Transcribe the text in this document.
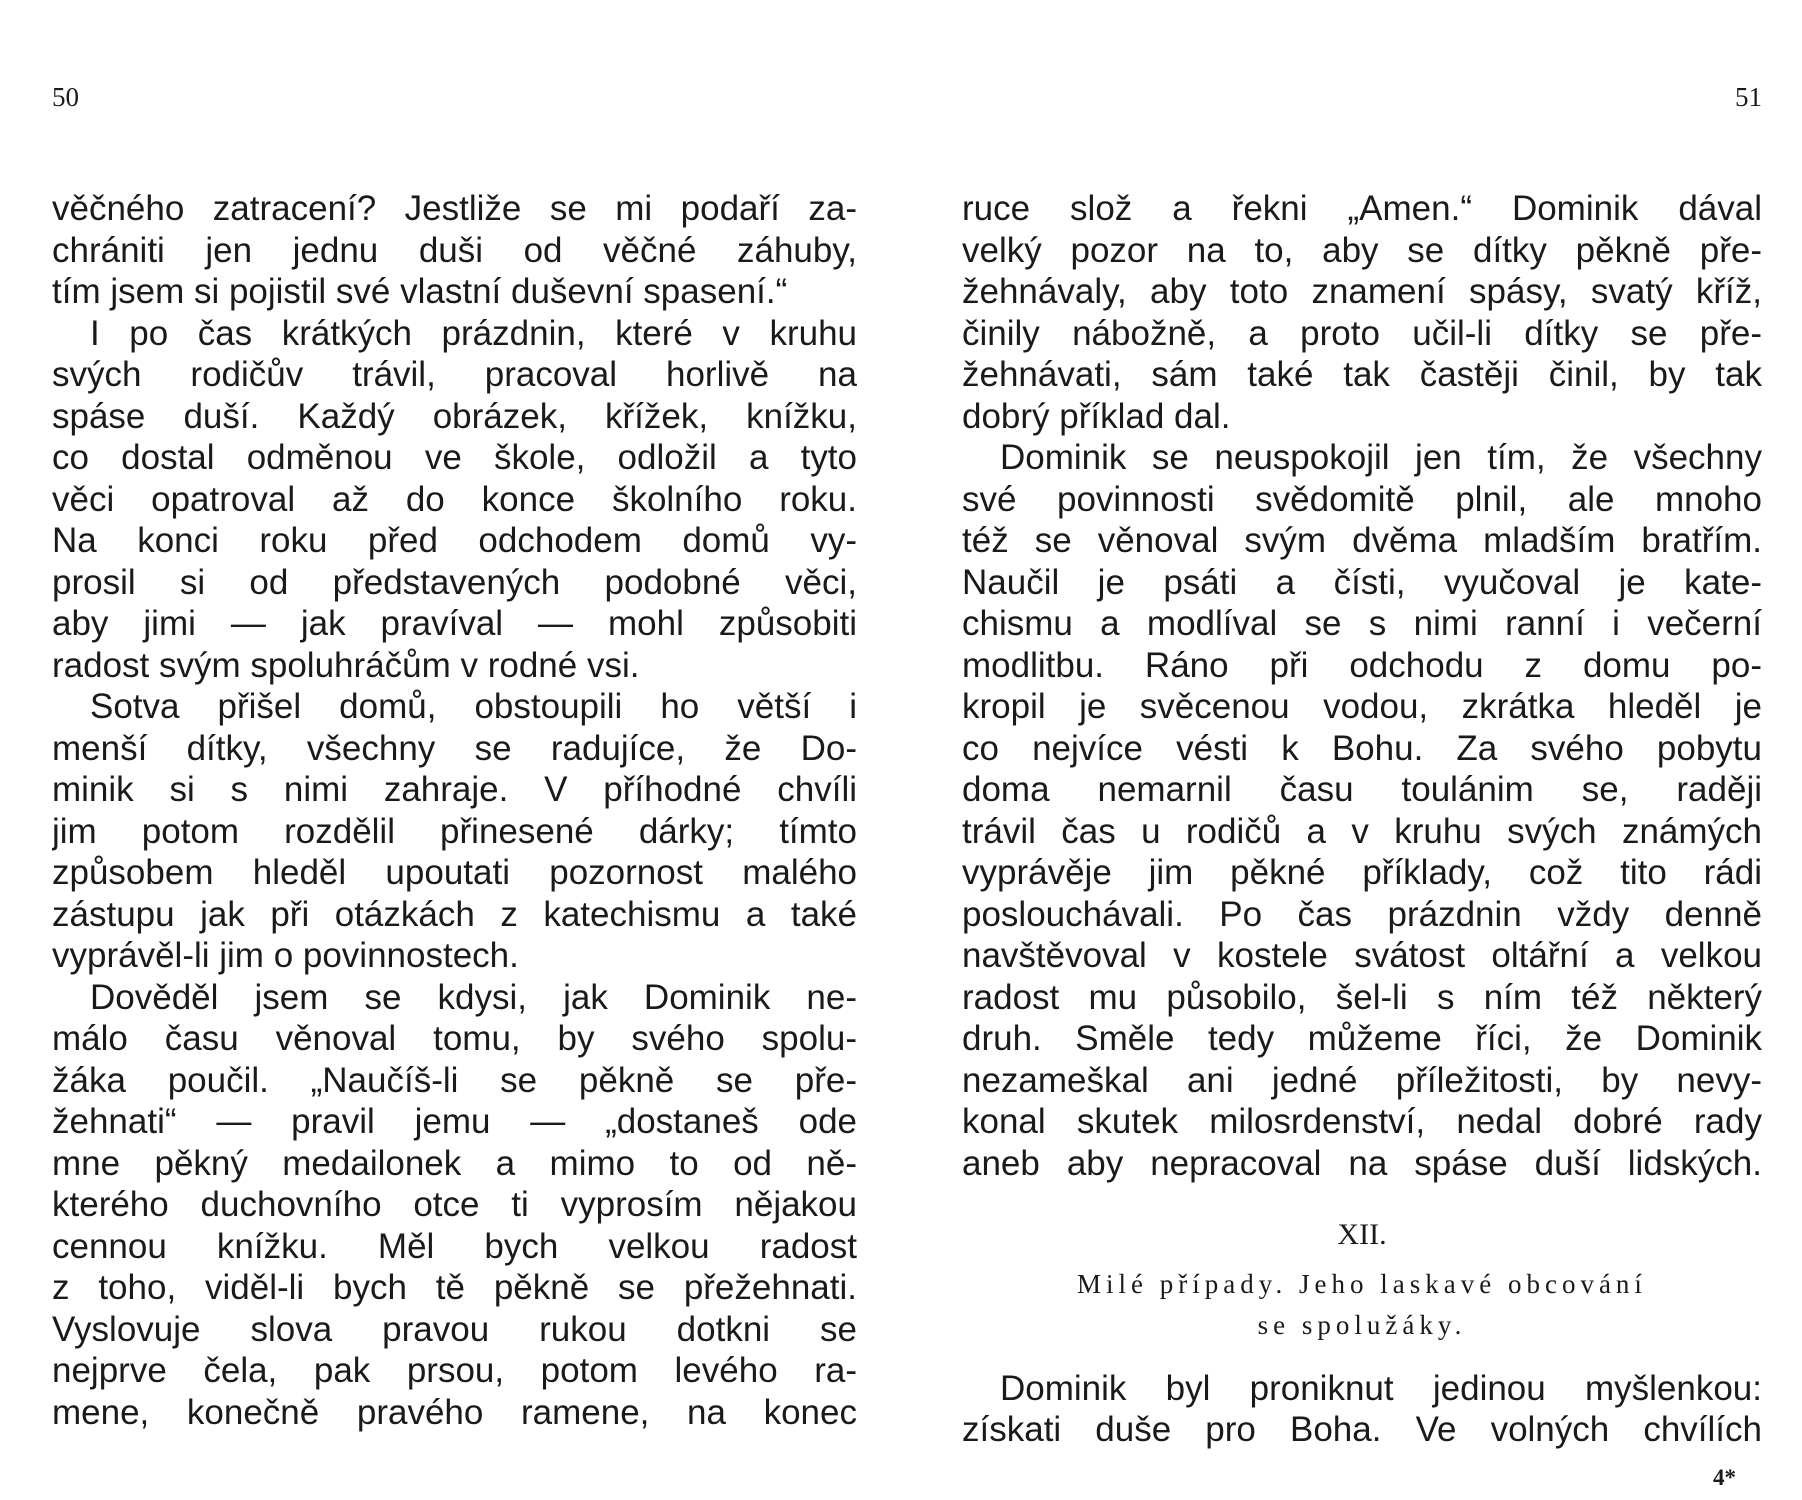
50
věčného zatracení? Jestliže se mi podaří za-
chrániti jen jednu duši od věčné záhuby,
tím jsem si pojistil své vlastní duševní spasení.“
I po čas krátkých prázdnin, které v kruhu
svých rodičův trávil, pracoval horlivě na
spáse duší. Každý obrázek, křížek, knížku,
co dostal odměnou ve škole, odložil a tyto
věci opatroval až do konce školního roku.
Na konci roku před odchodem domů vy-
prosil si od představených podobné věci,
aby jimi — jak pravíval — mohl způsobiti
radost svým spoluhráčům v rodné vsi.
Sotva přišel domů, obstoupili ho větší i
menší dítky, všechny se radujíce, že Do-
minik si s nimi zahraje. V příhodné chvíli
jim potom rozdělil přinesené dárky; tímto
způsobem hleděl upoutati pozornost malého
zástupu jak při otázkách z katechismu a také
vyprávěl-li jim o povinnostech.
Dověděl jsem se kdysi, jak Dominik ne-
málo času věnoval tomu, by svého spolu-
žáka poučil. „Naučíš-li se pěkně se pře-
žehnati“ — pravil jemu — „dostaneš ode
mne pěkný medailonek a mimo to od ně-
kterého duchovního otce ti vyprosím nějakou
cennou knížku. Měl bych velkou radost
z toho, viděl-li bych tě pěkně se přežehnati.
Vyslovuje slova pravou rukou dotkni se
nejprve čela, pak prsou, potom levého ra-
mene, konečně pravého ramene, na konec
51
ruce slož a řekni „Amen.“ Dominik dával
velký pozor na to, aby se dítky pěkně pře-
žehnávaly, aby toto znamení spásy, svatý kříž,
činily nábožně, a proto učil-li dítky se pře-
žehnávati, sám také tak častěji činil, by tak
dobrý příklad dal.
Dominik se neuspokojil jen tím, že všechny
své povinnosti svědomitě plnil, ale mnoho
též se věnoval svým dvěma mladším bratřím.
Naučil je psáti a čísti, vyučoval je kate-
chismu a modlíval se s nimi ranní i večerní
modlitbu. Ráno při odchodu z domu po-
kropil je svěcenou vodou, zkrátka hleděl je
co nejvíce vésti k Bohu. Za svého pobytu
doma nemarnil času toulánim se, raději
trávil čas u rodičů a v kruhu svých známých
vyprávěje jim pěkné příklady, což tito rádi
poslouchávali. Po čas prázdnin vždy denně
navštěvoval v kostele svátost oltářní a velkou
radost mu působilo, šel-li s ním též některý
druh. Směle tedy můžeme říci, že Dominik
nezameškal ani jedné příležitosti, by nevy-
konal skutek milosrdenství, nedal dobré rady
aneb aby nepracoval na spáse duší lidských.
XII.
Milé případy. Jeho laskavé obcování
se spolužáky.
Dominik byl proniknut jedinou myšlenkou:
získati duše pro Boha. Ve volných chvílích
4*
